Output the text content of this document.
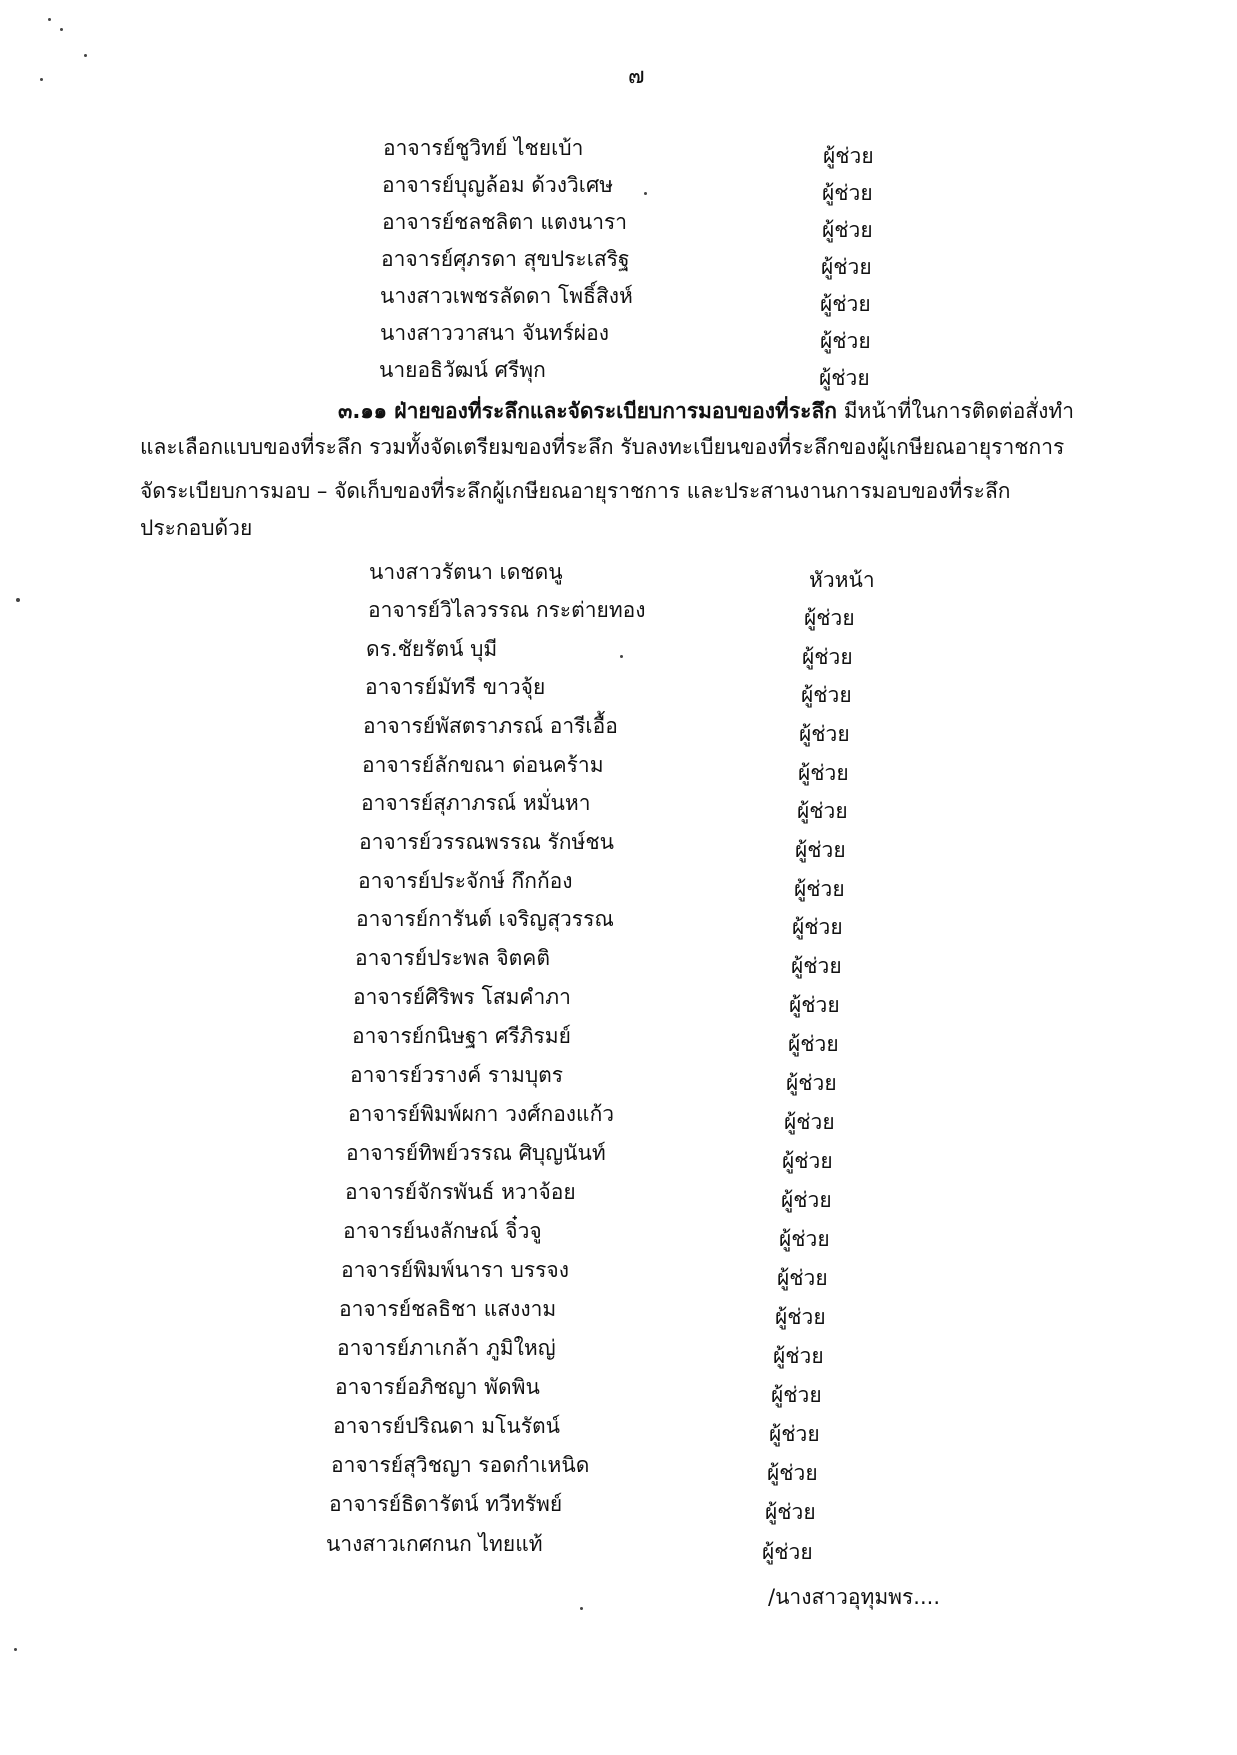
๗
อาจารย์ชูวิทย์ ไชยเบ้า	ผู้ช่วย
อาจารย์บุญล้อม ด้วงวิเศษ	ผู้ช่วย
อาจารย์ชลชลิตา แตงนารา	ผู้ช่วย
อาจารย์ศุภรดา สุขประเสริฐ	ผู้ช่วย
นางสาวเพชรลัดดา โพธิ์สิงห์	ผู้ช่วย
นางสาววาสนา จันทร์ผ่อง	ผู้ช่วย
นายอธิวัฒน์ ศรีพุก	ผู้ช่วย
๓.๑๑ ฝ่ายของที่ระลึกและจัดระเบียบการมอบของที่ระลึก มีหน้าที่ในการติดต่อสั่งทำ
และเลือกแบบของที่ระลึก รวมทั้งจัดเตรียมของที่ระลึก รับลงทะเบียนของที่ระลึกของผู้เกษียณอายุราชการ
จัดระเบียบการมอบ – จัดเก็บของที่ระลึกผู้เกษียณอายุราชการ และประสานงานการมอบของที่ระลึก
ประกอบด้วย
นางสาวรัตนา เดชดนู	หัวหน้า
อาจารย์วิไลวรรณ กระต่ายทอง	ผู้ช่วย
ดร.ชัยรัตน์ บุมี	ผู้ช่วย
อาจารย์มัทรี ขาวจุ้ย	ผู้ช่วย
อาจารย์พัสตราภรณ์ อารีเอื้อ	ผู้ช่วย
อาจารย์ลักขณา ด่อนคร้าม	ผู้ช่วย
อาจารย์สุภาภรณ์ หมั่นหา	ผู้ช่วย
อาจารย์วรรณพรรณ รักษ์ชน	ผู้ช่วย
อาจารย์ประจักษ์ กึกก้อง	ผู้ช่วย
อาจารย์การันต์ เจริญสุวรรณ	ผู้ช่วย
อาจารย์ประพล จิตคติ	ผู้ช่วย
อาจารย์ศิริพร โสมคำภา	ผู้ช่วย
อาจารย์กนิษฐา ศรีภิรมย์	ผู้ช่วย
อาจารย์วรางค์ รามบุตร	ผู้ช่วย
อาจารย์พิมพ์ผกา วงศ์กองแก้ว	ผู้ช่วย
อาจารย์ทิพย์วรรณ ศิบุญนันท์	ผู้ช่วย
อาจารย์จักรพันธ์ หวาจ้อย	ผู้ช่วย
อาจารย์นงลักษณ์ จิ๋วจู	ผู้ช่วย
อาจารย์พิมพ์นารา บรรจง	ผู้ช่วย
อาจารย์ชลธิชา แสงงาม	ผู้ช่วย
อาจารย์ภาเกล้า ภูมิใหญ่	ผู้ช่วย
อาจารย์อภิชญา พัดพิน	ผู้ช่วย
อาจารย์ปริณดา มโนรัตน์	ผู้ช่วย
อาจารย์สุวิชญา รอดกำเหนิด	ผู้ช่วย
อาจารย์ธิดารัตน์ ทวีทรัพย์	ผู้ช่วย
นางสาวเกศกนก ไทยแท้	ผู้ช่วย
/นางสาวอุทุมพร....
